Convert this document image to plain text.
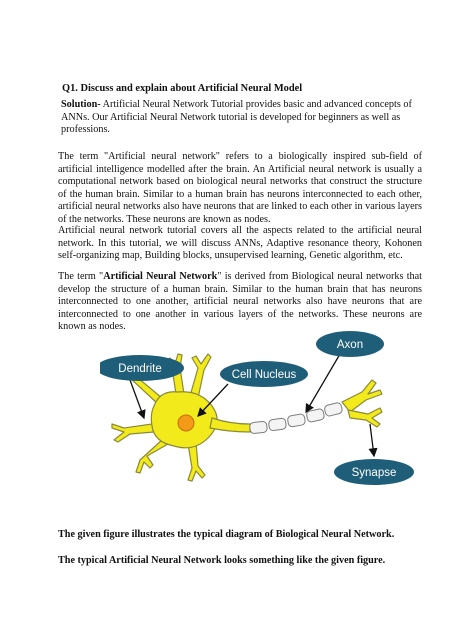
Q1. Discuss and explain about Artificial Neural Model
Solution- Artificial Neural Network Tutorial provides basic and advanced concepts of ANNs. Our Artificial Neural Network tutorial is developed for beginners as well as professions.
The term "Artificial neural network" refers to a biologically inspired sub-field of artificial intelligence modelled after the brain. An Artificial neural network is usually a computational network based on biological neural networks that construct the structure of the human brain. Similar to a human brain has neurons interconnected to each other, artificial neural networks also have neurons that are linked to each other in various layers of the networks. These neurons are known as nodes.
Artificial neural network tutorial covers all the aspects related to the artificial neural network. In this tutorial, we will discuss ANNs, Adaptive resonance theory, Kohonen self-organizing map, Building blocks, unsupervised learning, Genetic algorithm, etc.
The term "Artificial Neural Network" is derived from Biological neural networks that develop the structure of a human brain. Similar to the human brain that has neurons interconnected to one another, artificial neural networks also have neurons that are interconnected to one another in various layers of the networks. These neurons are known as nodes.
Dendrite	Cell Nucleus
Axon
Synapse
The given figure illustrates the typical diagram of Biological Neural Network.
The typical Artificial Neural Network looks something like the given figure.
